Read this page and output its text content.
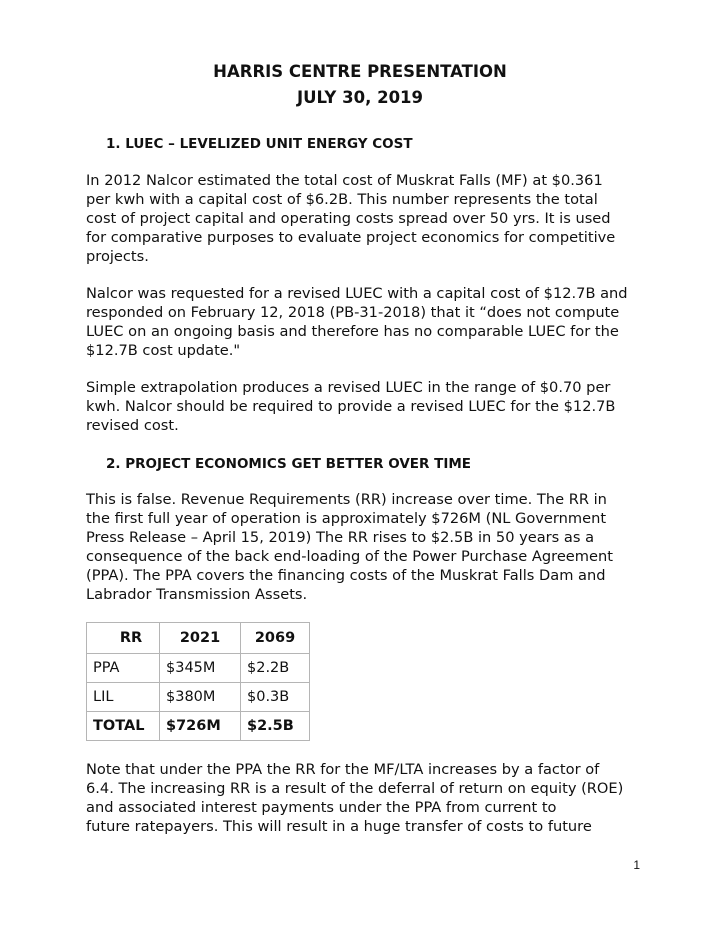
HARRIS CENTRE PRESENTATION
JULY 30, 2019
1. LUEC – LEVELIZED UNIT ENERGY COST
In 2012 Nalcor estimated the total cost of Muskrat Falls (MF) at $0.361
per kwh with a capital cost of $6.2B. This number represents the total
cost of project capital and operating costs spread over 50 yrs. It is used
for comparative purposes to evaluate project economics for competitive
projects.
Nalcor was requested for a revised LUEC with a capital cost of $12.7B and
responded on February 12, 2018 (PB-31-2018) that it “does not compute
LUEC on an ongoing basis and therefore has no comparable LUEC for the
$12.7B cost update."
Simple extrapolation produces a revised LUEC in the range of $0.70 per
kwh. Nalcor should be required to provide a revised LUEC for the $12.7B
revised cost.
2. PROJECT ECONOMICS GET BETTER OVER TIME
This is false. Revenue Requirements (RR) increase over time. The RR in
the first full year of operation is approximately $726M (NL Government
Press Release – April 15, 2019) The RR rises to $2.5B in 50 years as a
consequence of the back end-loading of the Power Purchase Agreement
(PPA). The PPA covers the financing costs of the Muskrat Falls Dam and
Labrador Transmission Assets.
RR	2021	2069
PPA	$345M	$2.2B
LIL	$380M	$0.3B
TOTAL	$726M	$2.5B
Note that under the PPA the RR for the MF/LTA increases by a factor of
6.4. The increasing RR is a result of the deferral of return on equity (ROE)
and associated interest payments under the PPA from current to
future ratepayers. This will result in a huge transfer of costs to future
1
